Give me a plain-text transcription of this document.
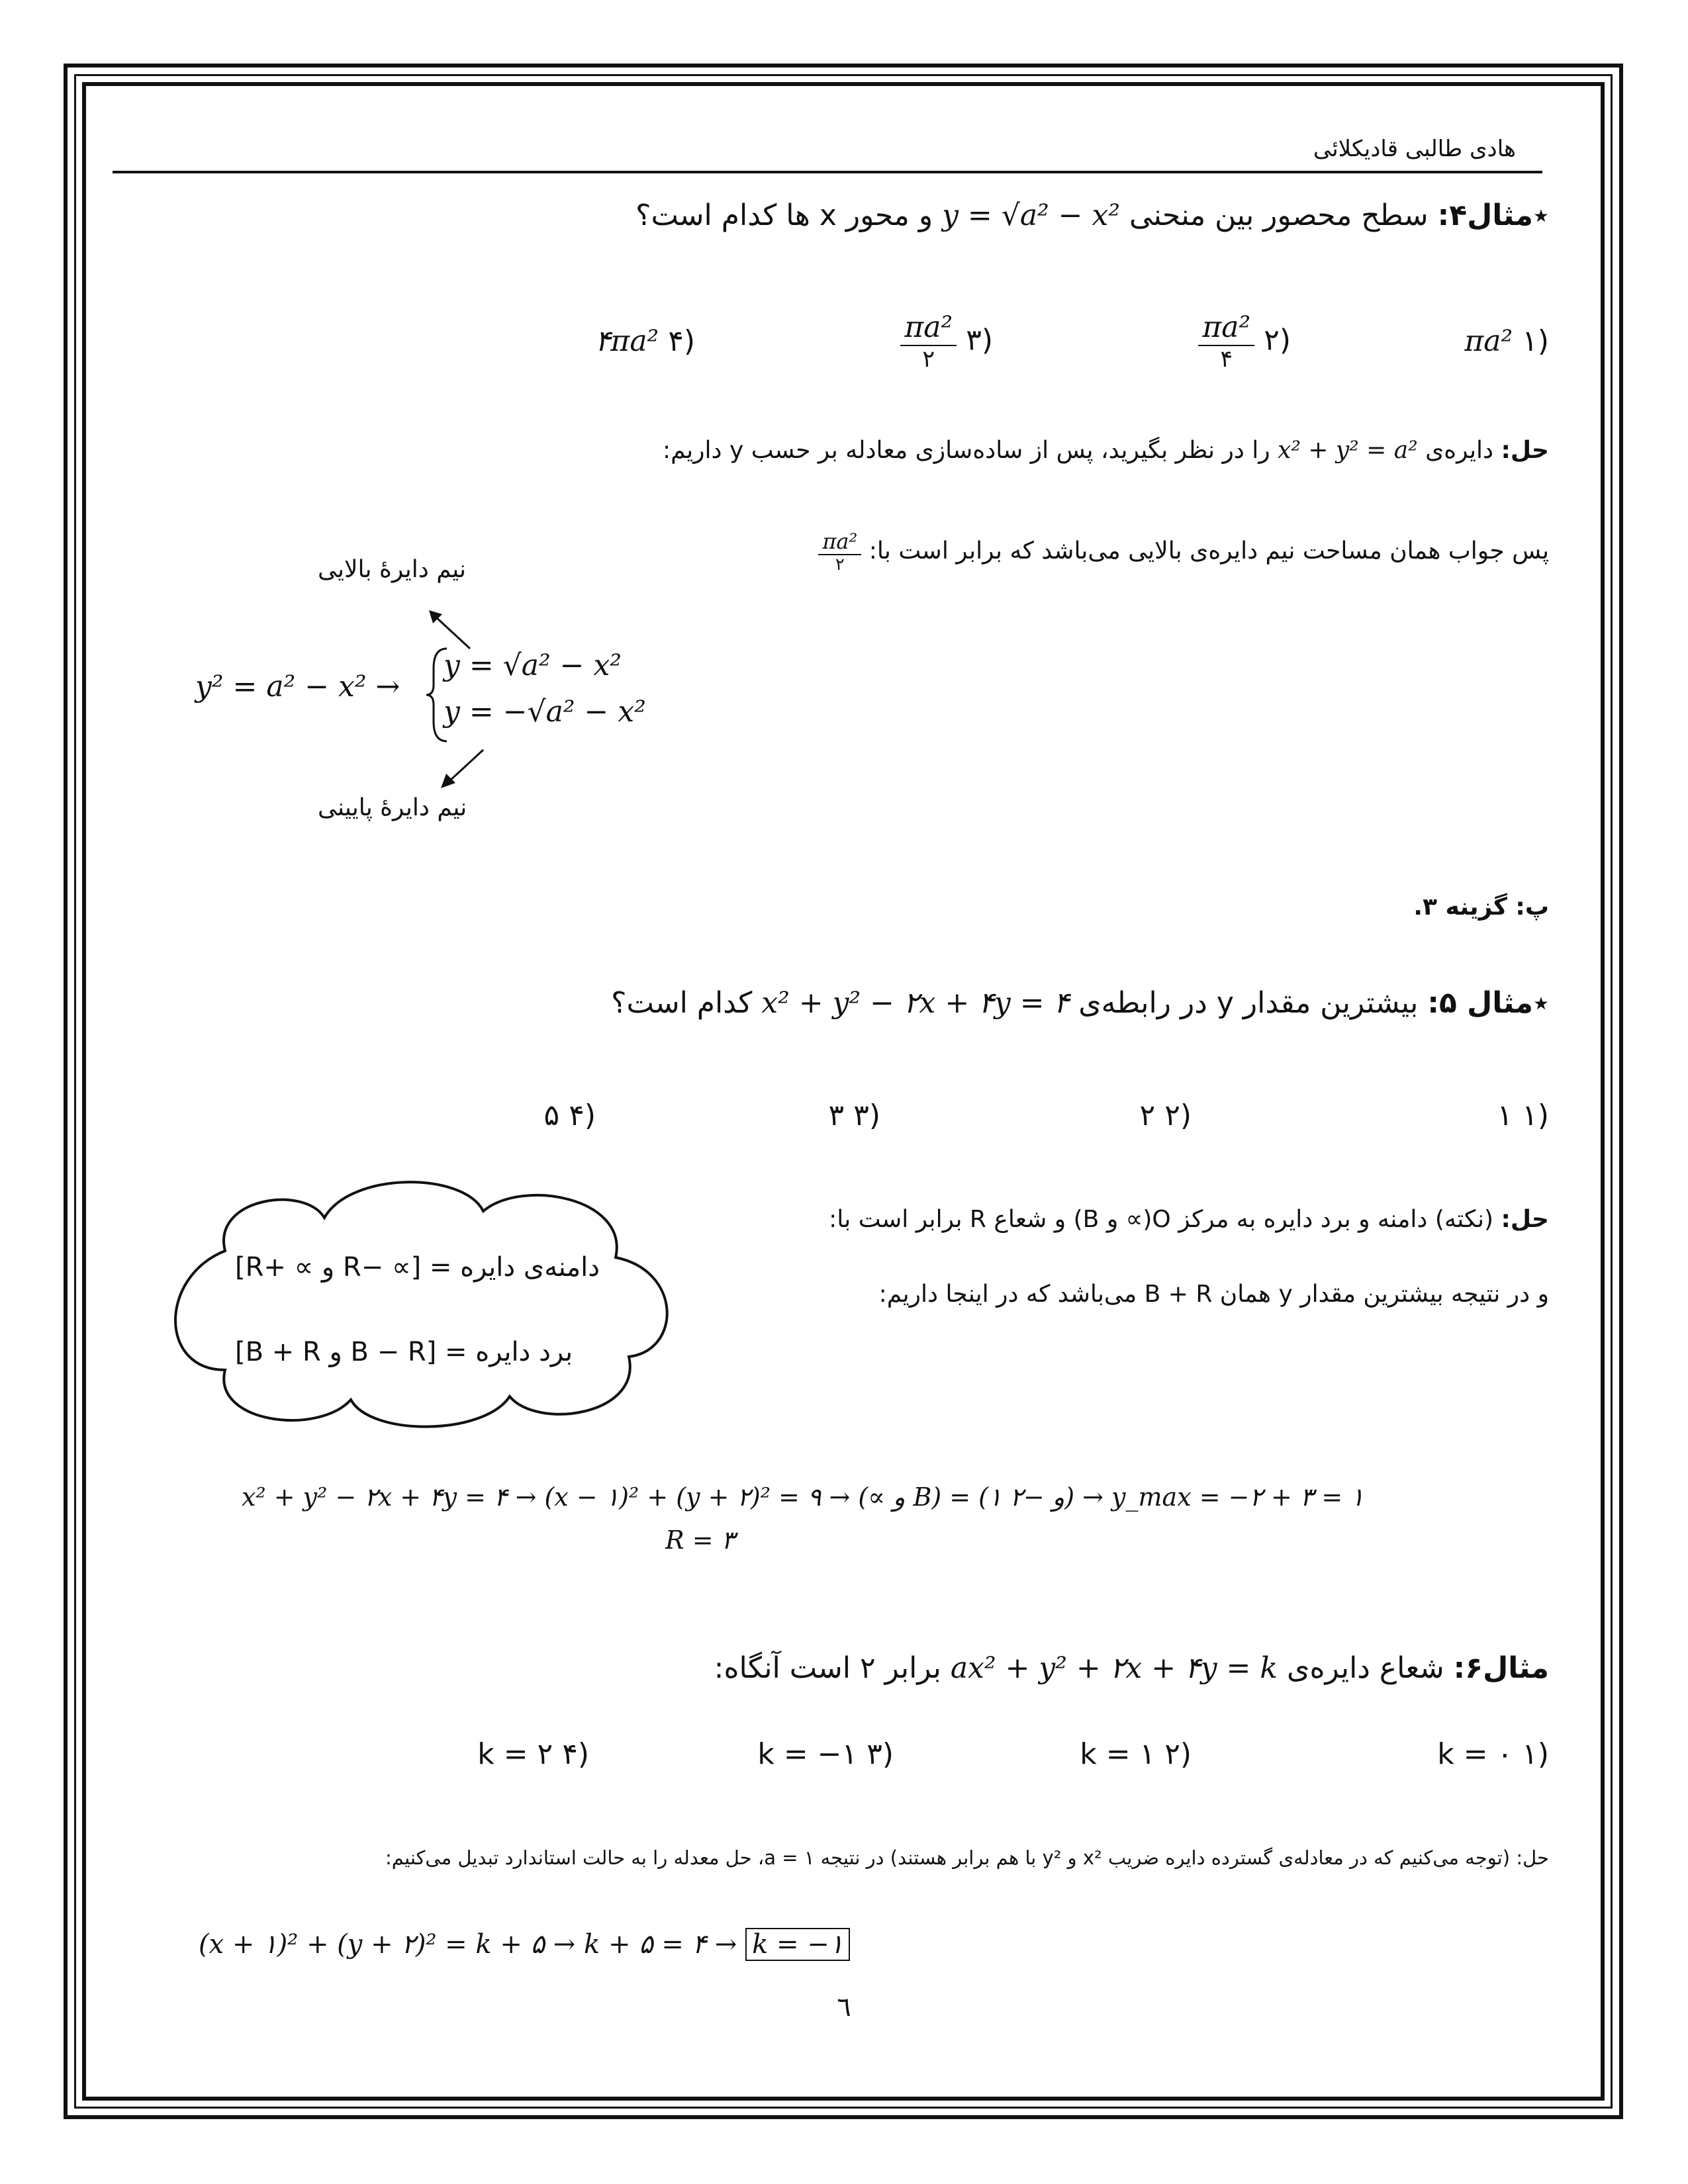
هادی طالبی قادیکلائی
٭مثال۴: سطح محصور بین منحنی y = √a² − x² و محور x ها کدام است؟
(۱ πa²
(۲
$\frac{\text{πa²}}{۴}$
(۳
$\frac{\text{πa²}}{۲}$
(۴ ۴πa²
حل: دایره‌ی x² + y² = a² را در نظر بگیرید، پس از ساده‌سازی معادله بر حسب y داریم:
پس جواب همان مساحت نیم دایره‌ی بالایی می‌باشد که برابر است با:
$\frac{\text{πa²}}{۲}$
نیم دایرۀ بالایی
y² = a² − x² →
y = √a² − x²
y = −√a² − x²
نیم دایرۀ پایینی
پ: گزینه ۳.
٭مثال ۵: بیشترین مقدار y در رابطه‌ی x² + y² − ۲x + ۴y = ۴ کدام است؟
(۱ ۱
(۲ ۲
(۳ ۳
(۴ ۵
حل: (نکته) دامنه و برد دایره به مرکز O(∝ و B) و شعاع R برابر است با:
و در نتیجه بیشترین مقدار y همان B + R می‌باشد که در اینجا داریم:
دامنه‌ی دایره = [∝ −R و ∝ +R]
برد دایره = [B − R و B + R]
x² + y² − ۲x + ۴y = ۴ → (x − ۱)² + (y + ۲)² = ۹ → (∝ و B) = (۱ و −۲) → y_max = −۲ + ۳ = ۱
R = ۳
مثال۶: شعاع دایره‌ی ax² + y² + ۲x + ۴y = k برابر ۲ است آنگاه:
(۱ k = ۰
(۲ k = ۱
(۳ k = −۱
(۴ k = ۲
حل: (توجه می‌کنیم که در معادله‌ی گسترده دایره ضریب x² و y² با هم برابر هستند) در نتیجه ۱ = a، حل معدله را به حالت استاندارد تبدیل می‌کنیم:
(x + ۱)² + (y + ۲)² = k + ۵ → k + ۵ = ۴ → k = −۱
٦
